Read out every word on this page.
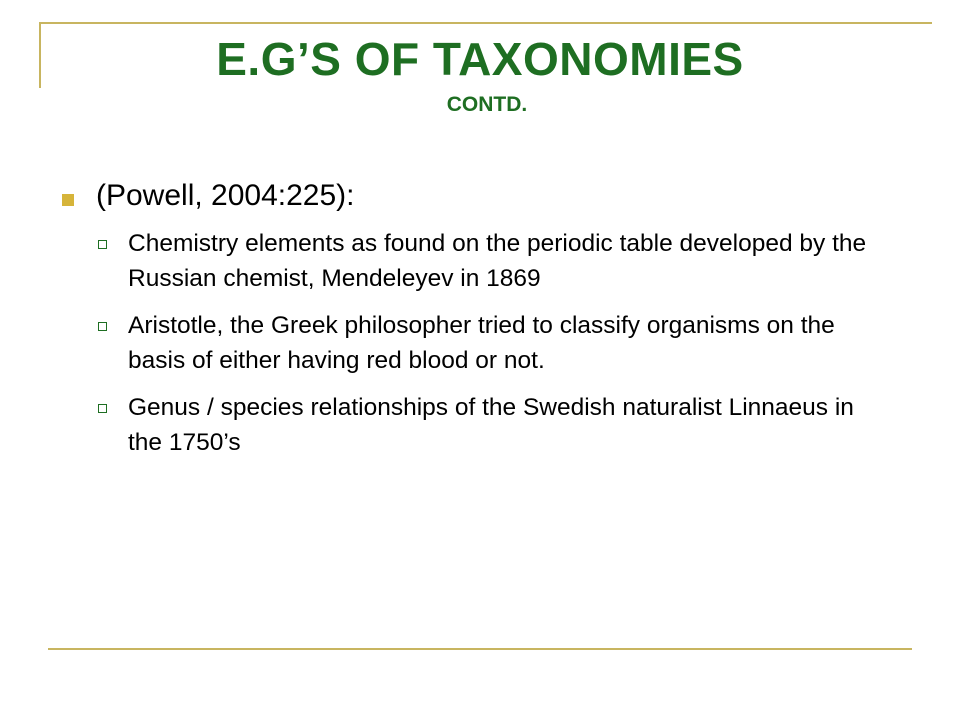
E.G’S OF TAXONOMIES
CONTD.
(Powell, 2004:225):
Chemistry elements as found on the periodic table developed by the Russian chemist, Mendeleyev in 1869
Aristotle, the Greek philosopher tried to classify organisms on the basis of either having red blood or not.
Genus / species relationships of the Swedish naturalist Linnaeus in the 1750’s
